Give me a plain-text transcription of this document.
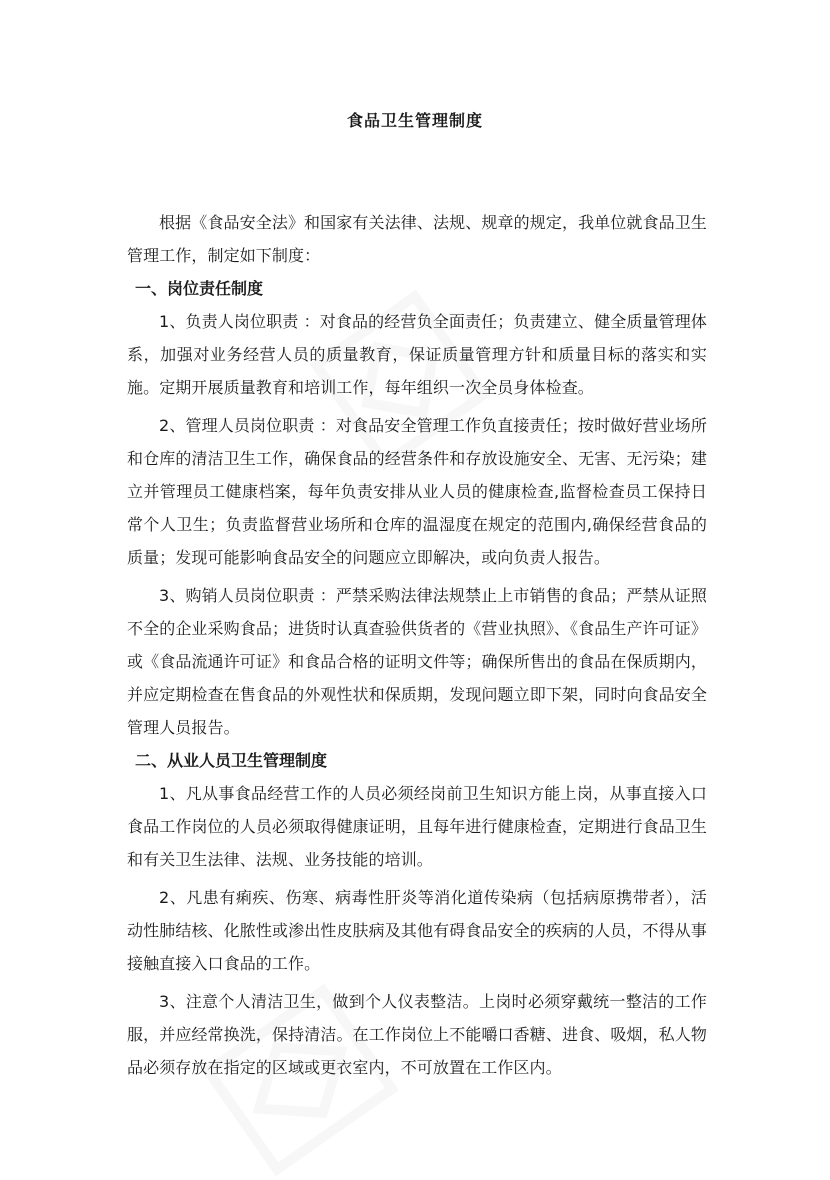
食品卫生管理制度

根据《食品安全法》和国家有关法律、法规、规章的规定，我单位就食品卫生管理工作，制定如下制度：

一、岗位责任制度

1、负责人岗位职责 ：对食品的经营负全面责任；负责建立、健全质量管理体系，加强对业务经营人员的质量教育，保证质量管理方针和质量目标的落实和实施。定期开展质量教育和培训工作，每年组织一次全员身体检查。

2、管理人员岗位职责 ：对食品安全管理工作负直接责任；按时做好营业场所和仓库的清洁卫生工作，确保食品的经营条件和存放设施安全、无害、无污染；建立并管理员工健康档案，每年负责安排从业人员的健康检查,监督检查员工保持日常个人卫生；负责监督营业场所和仓库的温湿度在规定的范围内,确保经营食品的质量；发现可能影响食品安全的问题应立即解决，或向负责人报告。

3、购销人员岗位职责 ：严禁采购法律法规禁止上市销售的食品；严禁从证照不全的企业采购食品；进货时认真查验供货者的《营业执照》、《食品生产许可证》或《食品流通许可证》和食品合格的证明文件等；确保所售出的食品在保质期内，并应定期检查在售食品的外观性状和保质期，发现问题立即下架，同时向食品安全管理人员报告。

二、从业人员卫生管理制度

1、凡从事食品经营工作的人员必须经岗前卫生知识方能上岗，从事直接入口食品工作岗位的人员必须取得健康证明，且每年进行健康检查，定期进行食品卫生和有关卫生法律、法规、业务技能的培训。

2、凡患有痢疾、伤寒、病毒性肝炎等消化道传染病（包括病原携带者），活动性肺结核、化脓性或渗出性皮肤病及其他有碍食品安全的疾病的人员，不得从事接触直接入口食品的工作。

3、注意个人清洁卫生，做到个人仪表整洁。上岗时必须穿戴统一整洁的工作服，并应经常换洗，保持清洁。在工作岗位上不能嚼口香糖、进食、吸烟，私人物品必须存放在指定的区域或更衣室内，不可放置在工作区内。
